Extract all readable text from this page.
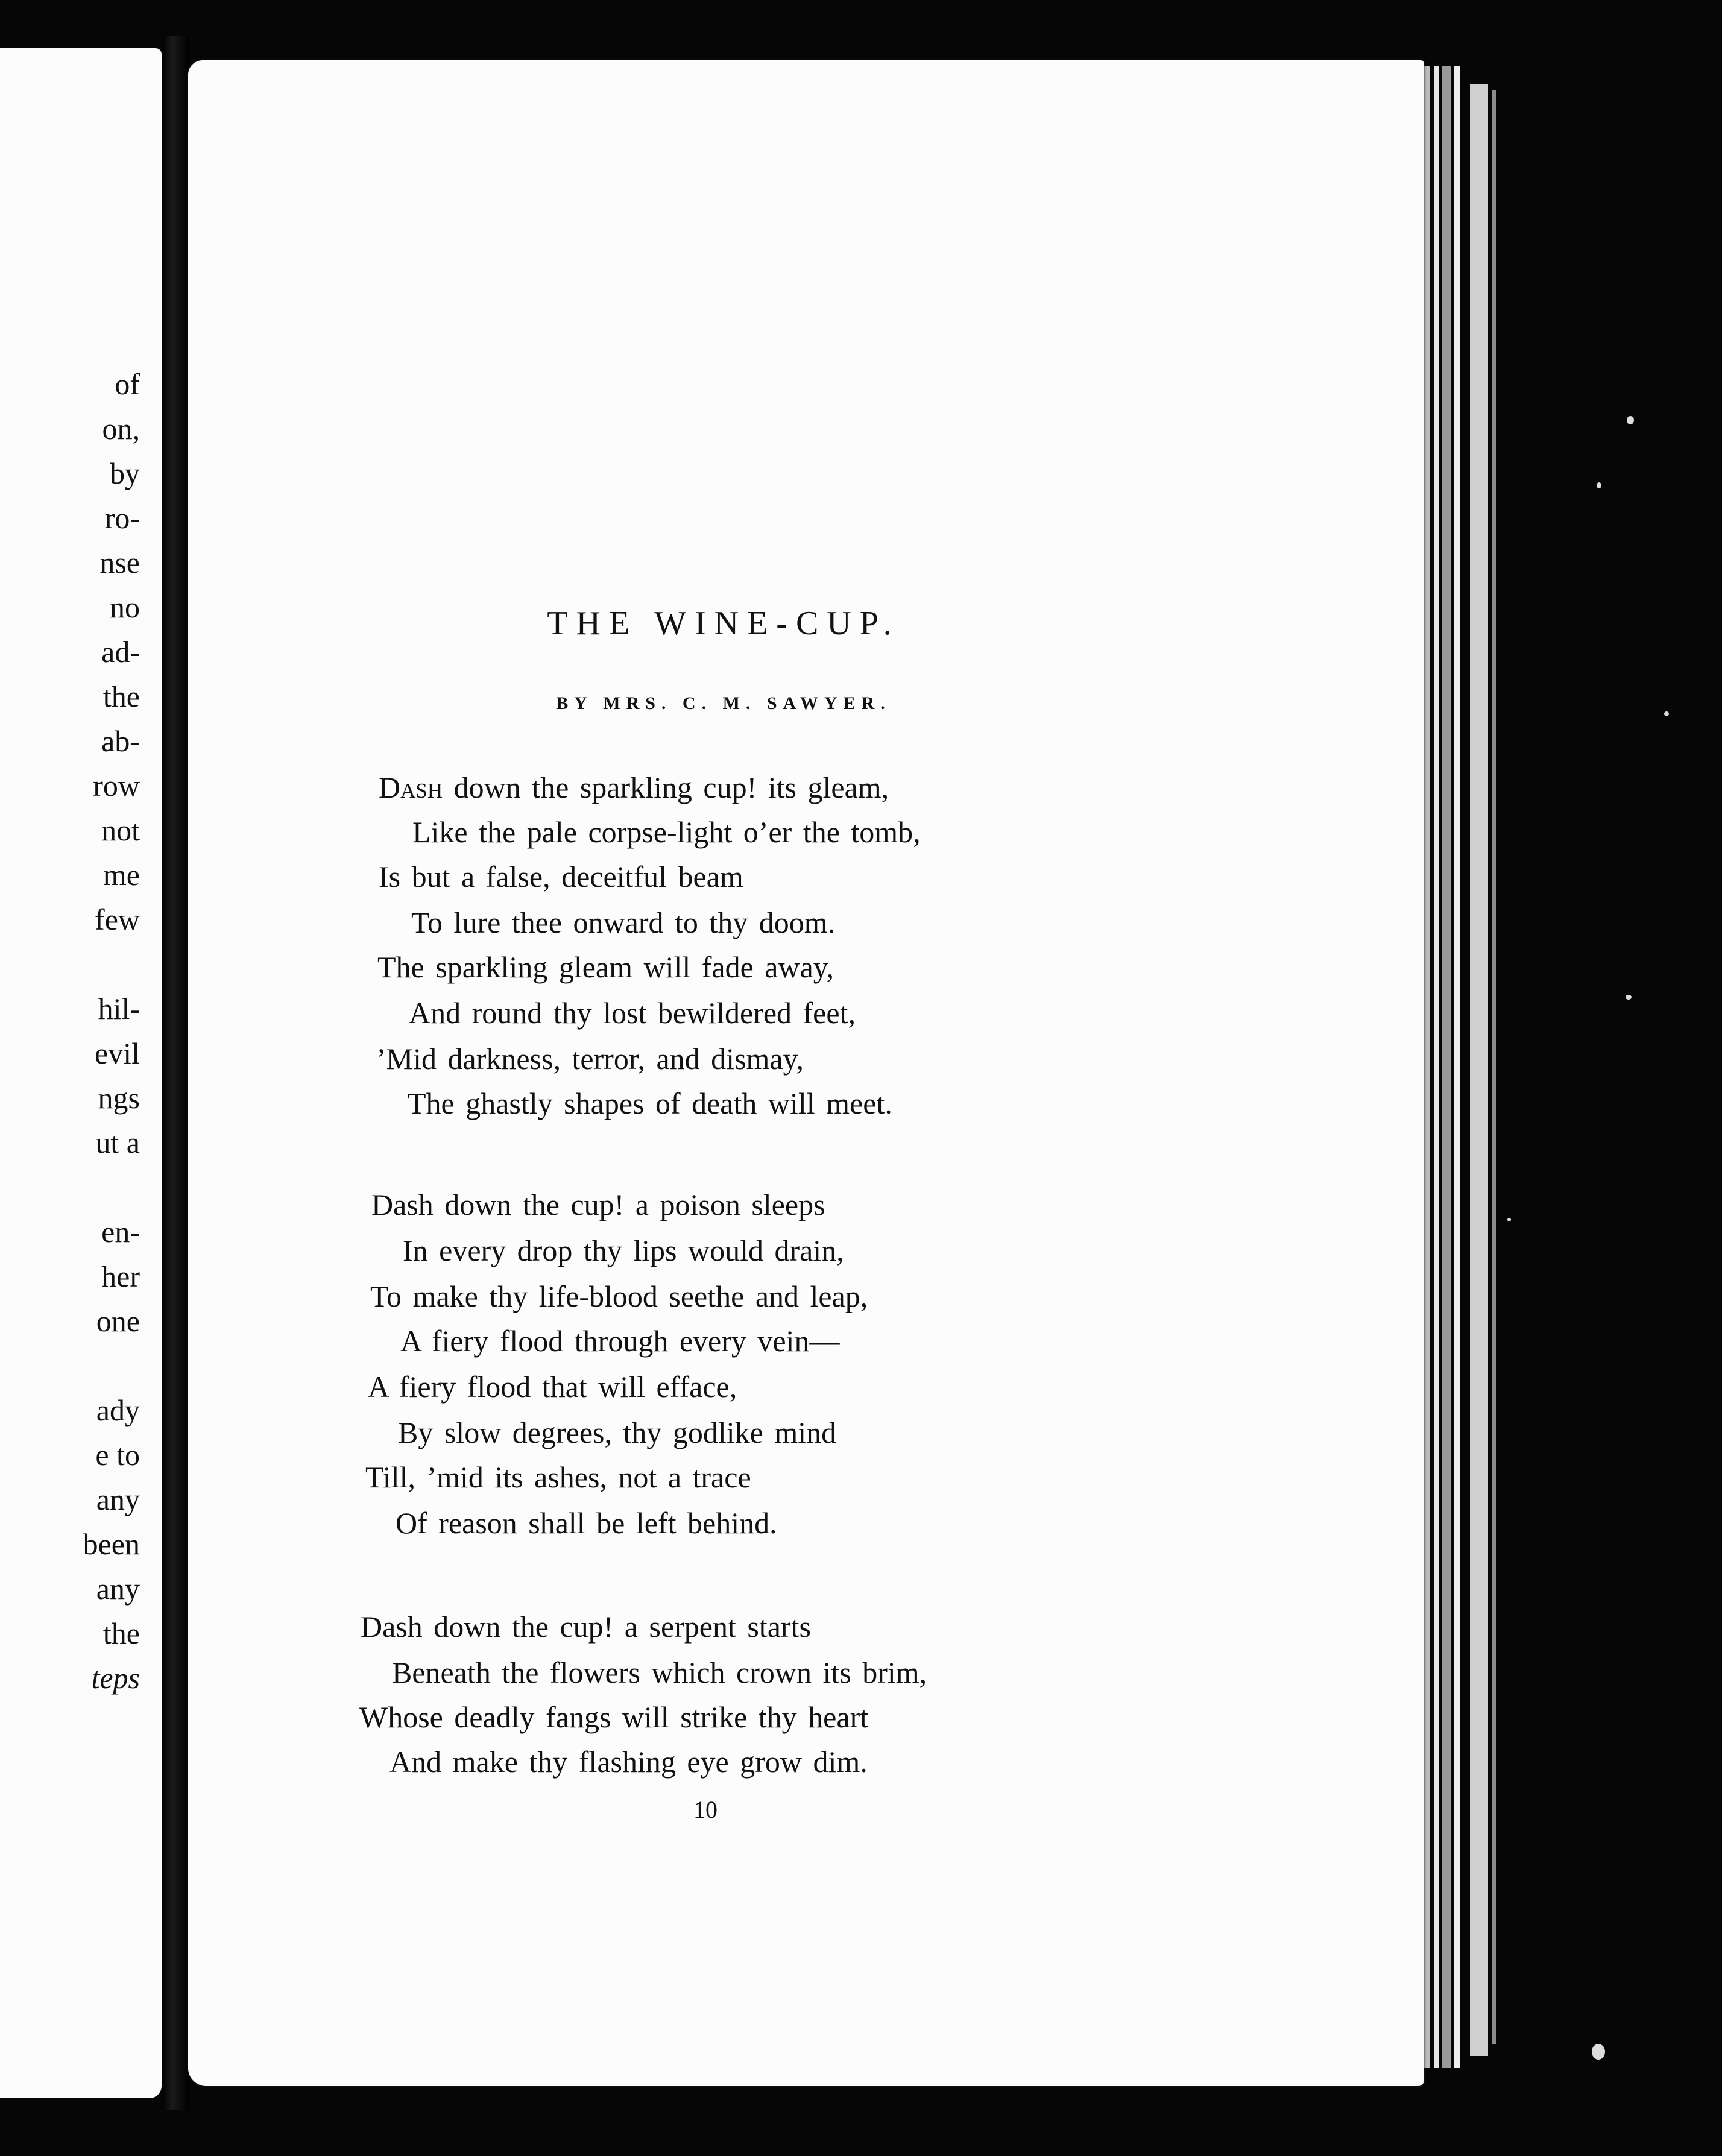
of
on,
by
ro-
nse
no
ad-
the
ab-
row
not
me
few
hil-
evil
ngs
ut a
en-
her
one
ady
e to
any
been
any
the
teps
THE WINE-CUP.
BY MRS. C. M. SAWYER.
Dash down the sparkling cup! its gleam,
Like the pale corpse-light o’er the tomb,
Is but a false, deceitful beam
To lure thee onward to thy doom.
The sparkling gleam will fade away,
And round thy lost bewildered feet,
’Mid darkness, terror, and dismay,
The ghastly shapes of death will meet.
Dash down the cup! a poison sleeps
In every drop thy lips would drain,
To make thy life-blood seethe and leap,
A fiery flood through every vein—
A fiery flood that will efface,
By slow degrees, thy godlike mind
Till, ’mid its ashes, not a trace
Of reason shall be left behind.
Dash down the cup! a serpent starts
Beneath the flowers which crown its brim,
Whose deadly fangs will strike thy heart
And make thy flashing eye grow dim.
10
